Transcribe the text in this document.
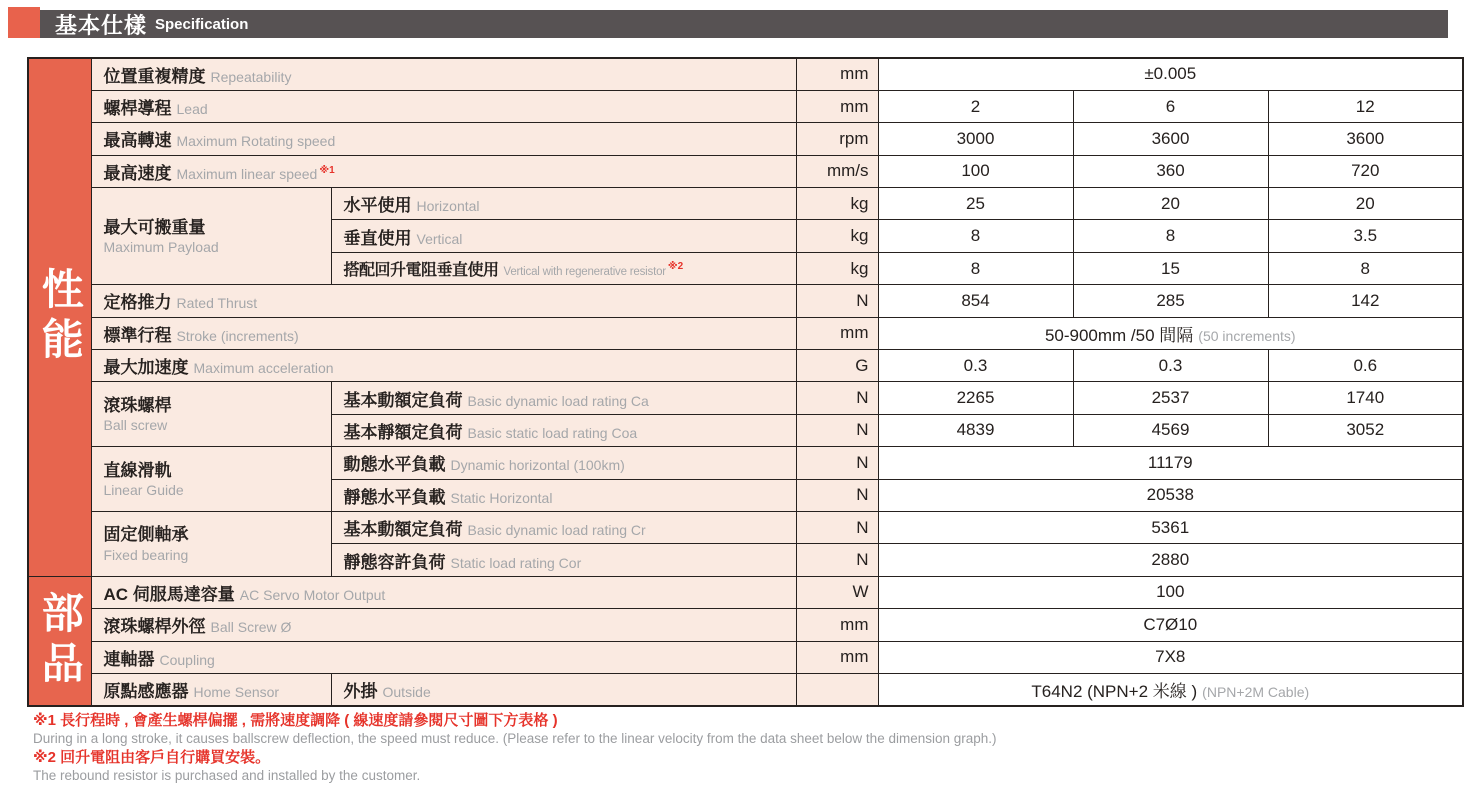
基本仕樣 Specification
性能	位置重複精度 Repeatability		mm	±0.005		
	螺桿導程 Lead		mm	2	6	12
	最高轉速 Maximum Rotating speed		rpm	3000	3600	3600
	最高速度 Maximum linear speed $^{※1}$		mm/s	100	360	720

	最大可搬重量
Maximum Payload	水平使用 Horizontal	kg	25	20	20
		垂直使用 Vertical	kg	8	8	3.5
		搭配回升電阻垂直使用 Vertical with regenerative resistor $^{※2}$	kg	8	15	8
	定格推力 Rated Thrust		N	854	285	142
	標準行程 Stroke (increments)		mm	50-900mm /50 間隔 (50 increments)		
	最大加速度 Maximum acceleration		G	0.3	0.3	0.6

	滾珠螺桿
Ball screw	基本動額定負荷 Basic dynamic load rating Ca	N	2265	2537	1740
		基本靜額定負荷 Basic static load rating Coa	N	4839	4569	3052

	直線滑軌
Linear Guide	動態水平負載 Dynamic horizontal (100km)	N	11179		
		靜態水平負載 Static Horizontal	N	20538		

	固定側軸承
Fixed bearing	基本動額定負荷 Basic dynamic load rating Cr	N	5361		
		靜態容許負荷 Static load rating Cor	N	2880		

部品	AC 伺服馬達容量 AC Servo Motor Output		W	100		
	滾珠螺桿外徑 Ball Screw Ø		mm	C7Ø10		
	連軸器 Coupling		mm	7X8		
	原點感應器 Home Sensor	外掛 Outside		T64N2 (NPN+2 米線 ) (NPN+2M Cable)		
※1 長行程時 , 會產生螺桿偏擺 , 需將速度調降 ( 線速度請參閱尺寸圖下方表格 )
During in a long stroke, it causes ballscrew deflection, the speed must reduce. (Please refer to the linear velocity from the data sheet below the dimension graph.)
※2 回升電阻由客戶自行購買安裝。
The rebound resistor is purchased and installed by the customer.
